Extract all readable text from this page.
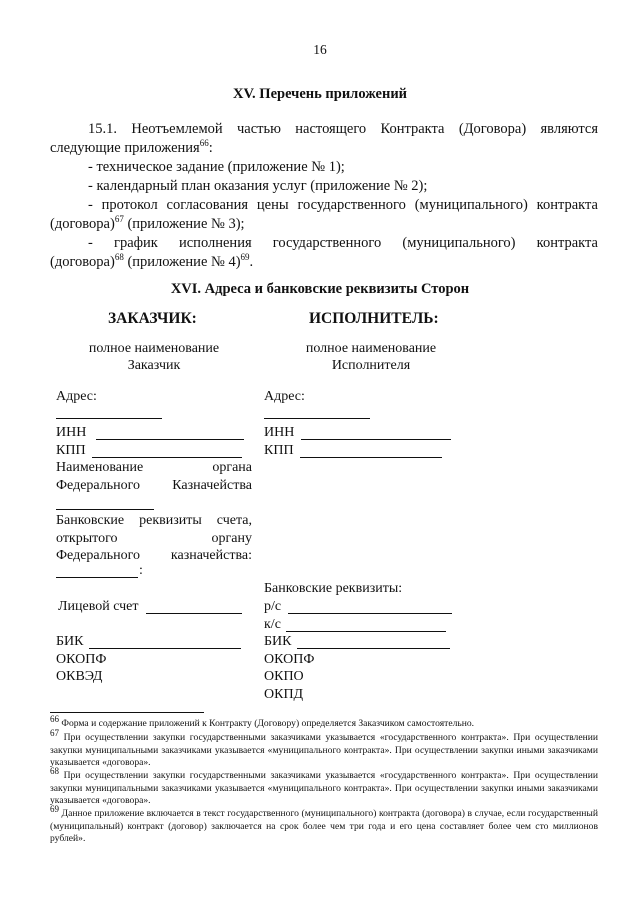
16
XV. Перечень приложений
15.1. Неотъемлемой частью настоящего Контракта (Договора) являются
следующие приложения$^{66}$:
- техническое задание (приложение № 1);
- календарный план оказания услуг (приложение № 2);
- протокол согласования цены государственного (муниципального) контракта
(договора)$^{67}$ (приложение № 3);
- график исполнения государственного (муниципального) контракта
(договора)$^{68}$ (приложение № 4)$^{69}$.
XVI. Адреса и банковские реквизиты Сторон
ЗАКАЗЧИК:
полное наименование
Заказчик
Адрес:
ИНН
КПП
Наименование органа
Федерального Казначейства
Банковские реквизиты счета,
открытого органу
Федерального казначейства:
:
Лицевой счет
БИК
ОКОПФ
ОКВЭД
ИСПОЛНИТЕЛЬ:
полное наименование
Исполнителя
Адрес:
ИНН
КПП
Банковские реквизиты:
р/с
к/с
БИК
ОКОПФ
ОКПО
ОКПД
$^{66}$ Форма и содержание приложений к Контракту (Договору) определяется Заказчиком самостоятельно.
$^{67}$ При осуществлении закупки государственными заказчиками указывается «государственного контракта». При осуществлении закупки муниципальными заказчиками указывается «муниципального контракта». При осуществлении закупки иными заказчиками указывается «договора».
$^{68}$ При осуществлении закупки государственными заказчиками указывается «государственного контракта». При осуществлении закупки муниципальными заказчиками указывается «муниципального контракта». При осуществлении закупки иными заказчиками указывается «договора».
$^{69}$ Данное приложение включается в текст государственного (муниципального) контракта (договора) в случае, если государственный (муниципальный) контракт (договор) заключается на срок более чем три года и его цена составляет более чем сто миллионов рублей».
